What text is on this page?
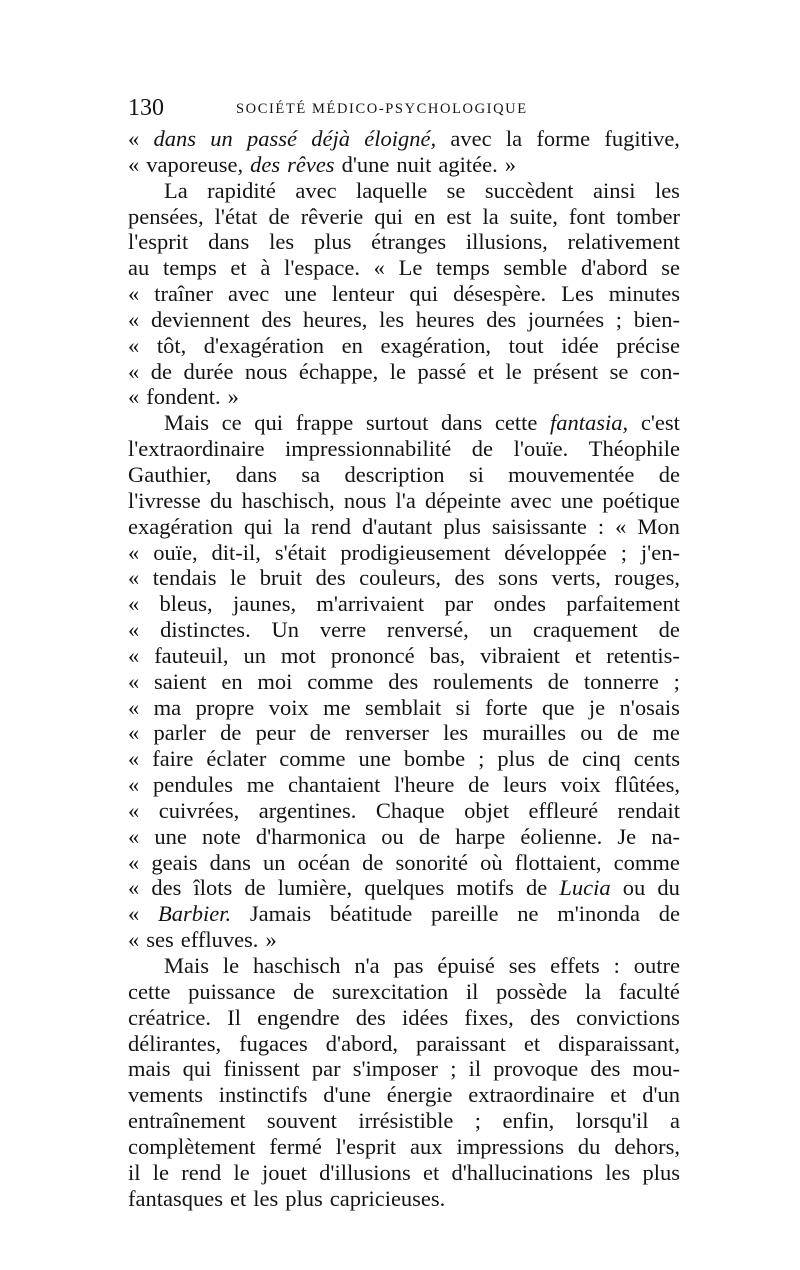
130	SOCIÉTÉ MÉDICO-PSYCHOLOGIQUE
« dans un passé déjà éloigné, avec la forme fugitive,
« vaporeuse, des rêves d'une nuit agitée. »
La rapidité avec laquelle se succèdent ainsi les
pensées, l'état de rêverie qui en est la suite, font tomber
l'esprit dans les plus étranges illusions, relativement
au temps et à l'espace. « Le temps semble d'abord se
« traîner avec une lenteur qui désespère. Les minutes
« deviennent des heures, les heures des journées ; bien-
« tôt, d'exagération en exagération, tout idée précise
« de durée nous échappe, le passé et le présent se con-
« fondent. »
Mais ce qui frappe surtout dans cette fantasia, c'est
l'extraordinaire impressionnabilité de l'ouïe. Théophile
Gauthier, dans sa description si mouvementée de
l'ivresse du haschisch, nous l'a dépeinte avec une poétique
exagération qui la rend d'autant plus saisissante : « Mon
« ouïe, dit-il, s'était prodigieusement développée ; j'en-
« tendais le bruit des couleurs, des sons verts, rouges,
« bleus, jaunes, m'arrivaient par ondes parfaitement
« distinctes. Un verre renversé, un craquement de
« fauteuil, un mot prononcé bas, vibraient et retentis-
« saient en moi comme des roulements de tonnerre ;
« ma propre voix me semblait si forte que je n'osais
« parler de peur de renverser les murailles ou de me
« faire éclater comme une bombe ; plus de cinq cents
« pendules me chantaient l'heure de leurs voix flûtées,
« cuivrées, argentines. Chaque objet effleuré rendait
« une note d'harmonica ou de harpe éolienne. Je na-
« geais dans un océan de sonorité où flottaient, comme
« des îlots de lumière, quelques motifs de Lucia ou du
« Barbier. Jamais béatitude pareille ne m'inonda de
« ses effluves. »
Mais le haschisch n'a pas épuisé ses effets : outre
cette puissance de surexcitation il possède la faculté
créatrice. Il engendre des idées fixes, des convictions
délirantes, fugaces d'abord, paraissant et disparaissant,
mais qui finissent par s'imposer ; il provoque des mou-
vements instinctifs d'une énergie extraordinaire et d'un
entraînement souvent irrésistible ; enfin, lorsqu'il a
complètement fermé l'esprit aux impressions du dehors,
il le rend le jouet d'illusions et d'hallucinations les plus
fantasques et les plus capricieuses.
